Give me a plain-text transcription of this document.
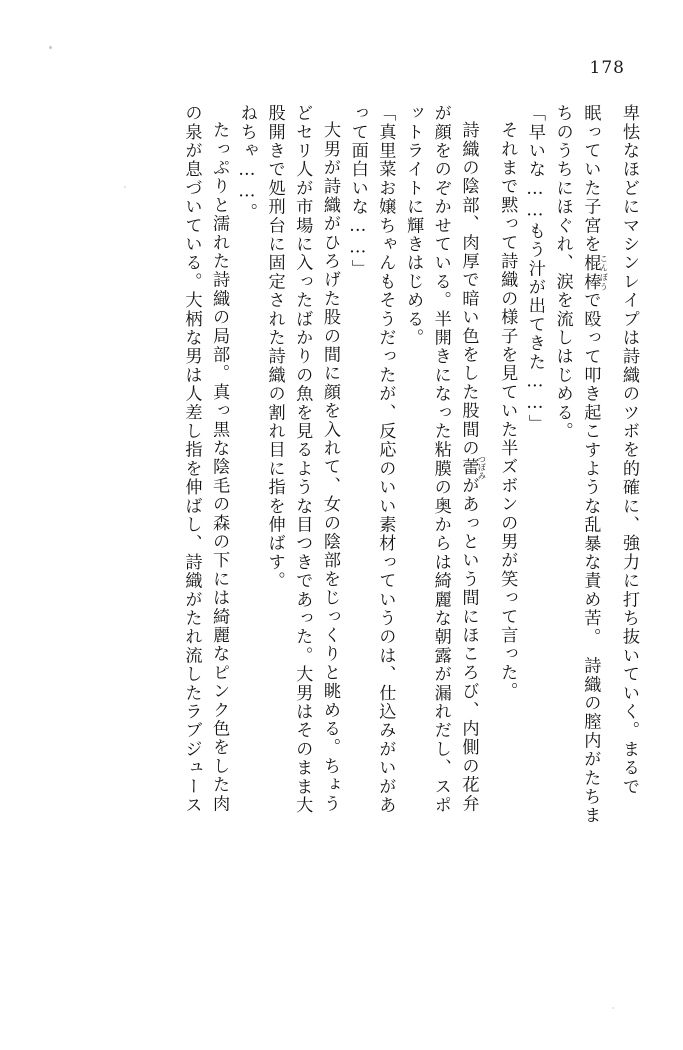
178
卑怯なほどにマシンレイプは詩織のツボを的確に、強力に打ち抜いていく。まるで
眠っていた子宮を棍棒 こんぼうで殴って叩き起こすような乱暴な責め苦。　詩織の膣内がたちま
ちのうちにほぐれ、涙を流しはじめる。
「早いな……もう汁が出てきた……」
それまで黙って詩織の様子を見ていた半ズボンの男が笑って言った。
詩織の陰部、肉厚で暗い色をした股間の蕾 つぼみがあっという間にほころび、内側の花弁
が顔をのぞかせている。半開きになった粘膜の奥からは綺麗な朝露が漏れだし、スポ
ットライトに輝きはじめる。
「真里菜お嬢ちゃんもそうだったが、反応のいい素材っていうのは、仕込みがいがあ
って面白いな……」
大男が詩織がひろげた股の間に顔を入れて、女の陰部をじっくりと眺める。ちょう
どセリ人が市場に入ったばかりの魚を見るような目つきであった。大男はそのまま大
股開きで処刑台に固定された詩織の割れ目に指を伸ばす。
ねちゃ……。
たっぷりと濡れた詩織の局部。真っ黒な陰毛の森の下には綺麗なピンク色をした肉
の泉が息づいている。大柄な男は人差し指を伸ばし、詩織がたれ流したラブジュース
